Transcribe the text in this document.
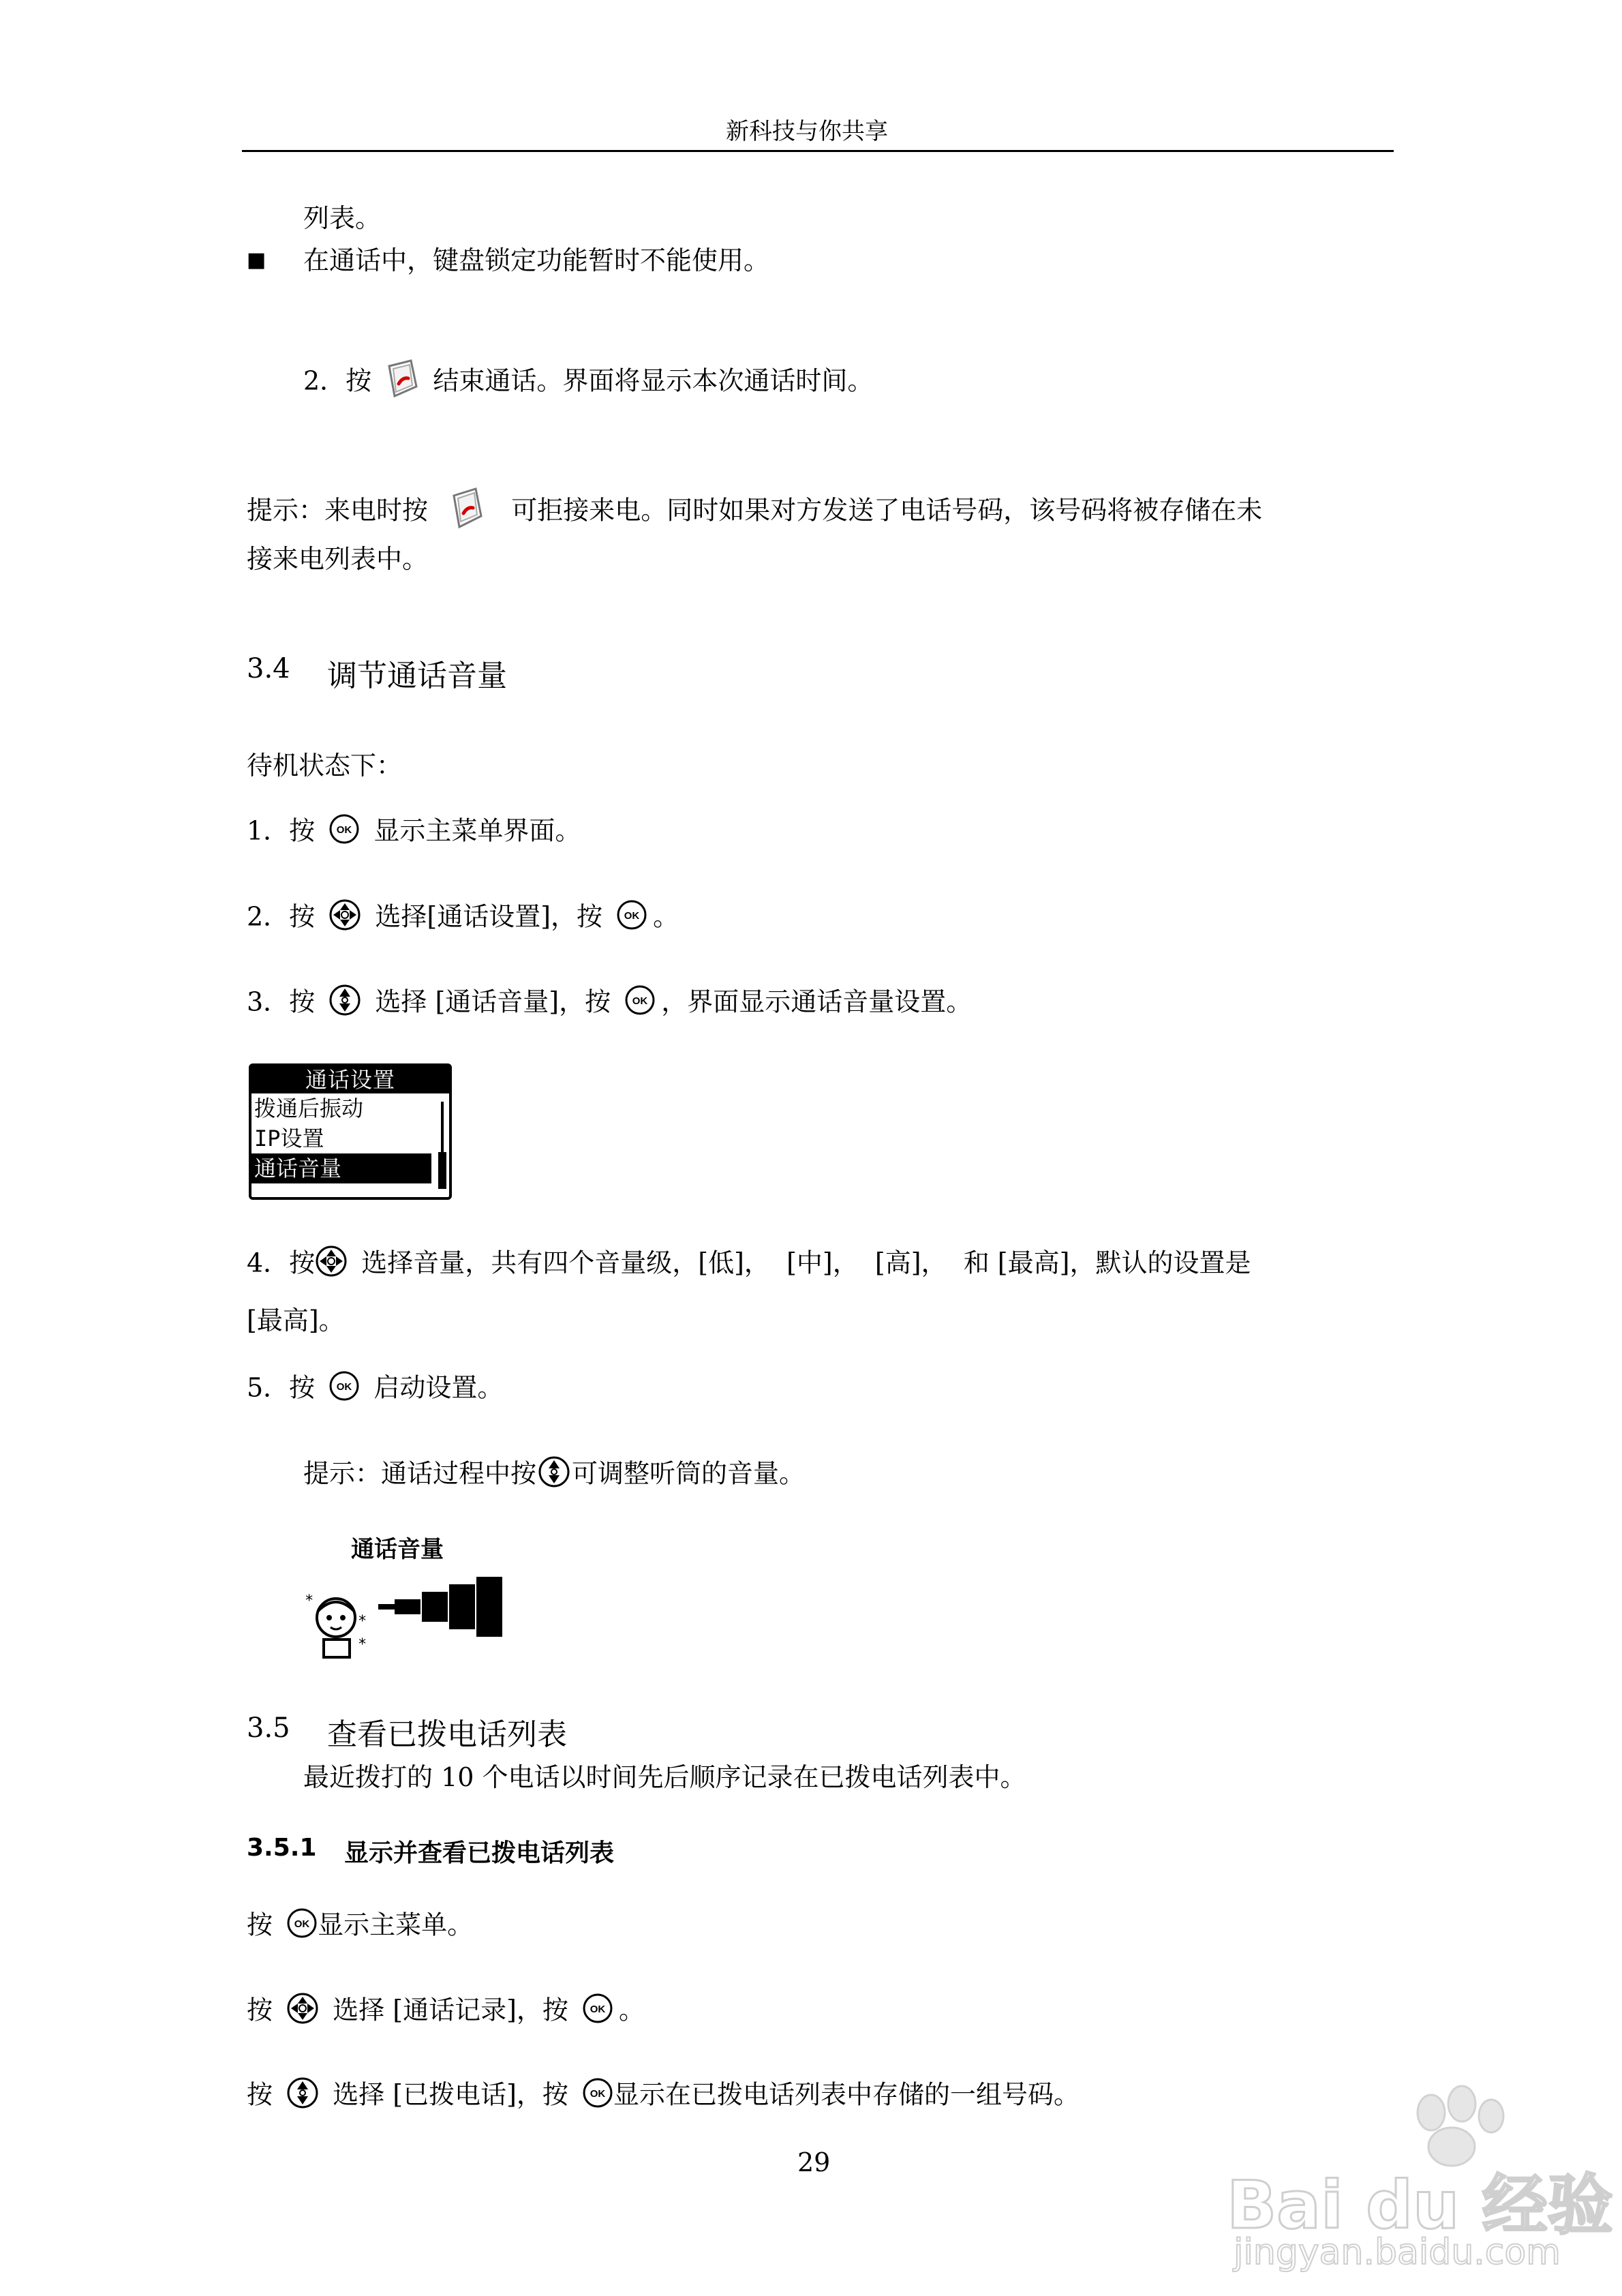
新科技与你共享
列表。
■ 在通话中，键盘锁定功能暂时不能使用。
2．按 结束通话。界面将显示本次通话时间。
提示：来电时按	可拒接来电。同时如果对方发送了电话号码，该号码将被存储在未
接来电列表中。
3.4 调节通话音量
待机状态下：
1．按 OK 显示主菜单界面。
2．按 选择[通话设置]，按 OK 。
3．按 选择 [通话音量]，按 OK ，界面显示通话音量设置。
通话设置
拨通后振动
IP设置
通话音量
4．按 选择音量，共有四个音量级，[低]，  [中]，  [高]，  和 [最高]，默认的设置是
[最高]。
5．按 OK 启动设置。
提示：通话过程中按 可调整听筒的音量。
通话音量
*
*
*
3.5 查看已拨电话列表
最近拨打的 10 个电话以时间先后顺序记录在已拨电话列表中。
3.5.1 显示并查看已拨电话列表
按 OK 显示主菜单。
按 选择 [通话记录]，按 OK 。
按 选择 [已拨电话]，按 OK 显示在已拨电话列表中存储的一组号码。
29
Bai du 经验
jingyan.baidu.com
